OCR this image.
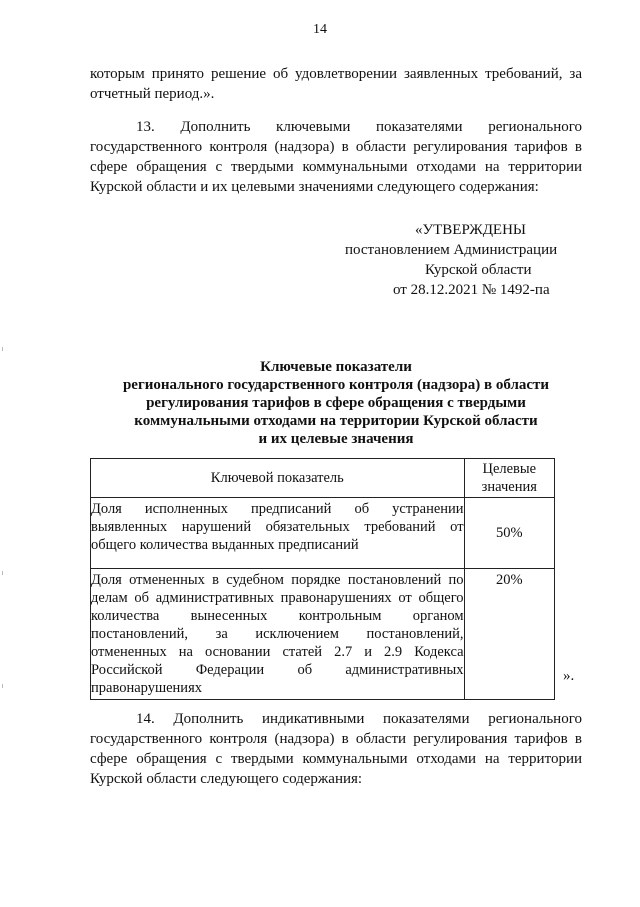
14
которым принято решение об удовлетворении заявленных требований, за отчетный период.».
13. Дополнить ключевыми показателями регионального государственного контроля (надзора) в области регулирования тарифов в сфере обращения с твердыми коммунальными отходами на территории Курской области и их целевыми значениями следующего содержания:
«УТВЕРЖДЕНЫ
постановлением Администрации
Курской области
от 28.12.2021 № 1492-па
Ключевые показатели
регионального государственного контроля (надзора) в области
регулирования тарифов в сфере обращения с твердыми
коммунальными отходами на территории Курской области
и их целевые значения
Ключевой показатель	Целевые значения
Доля исполненных предписаний об устранении выявленных нарушений обязательных требований от общего количества выданных предписаний	50%
Доля отмененных в судебном порядке постановлений по делам об административных правонарушениях от общего количества вынесенных контрольным органом постановлений, за исключением постановлений, отмененных на основании статей 2.7 и 2.9 Кодекса Российской Федерации об административных правонарушениях	20%
».
14. Дополнить индикативными показателями регионального государственного контроля (надзора) в области регулирования тарифов в сфере обращения с твердыми коммунальными отходами на территории Курской области следующего содержания:
